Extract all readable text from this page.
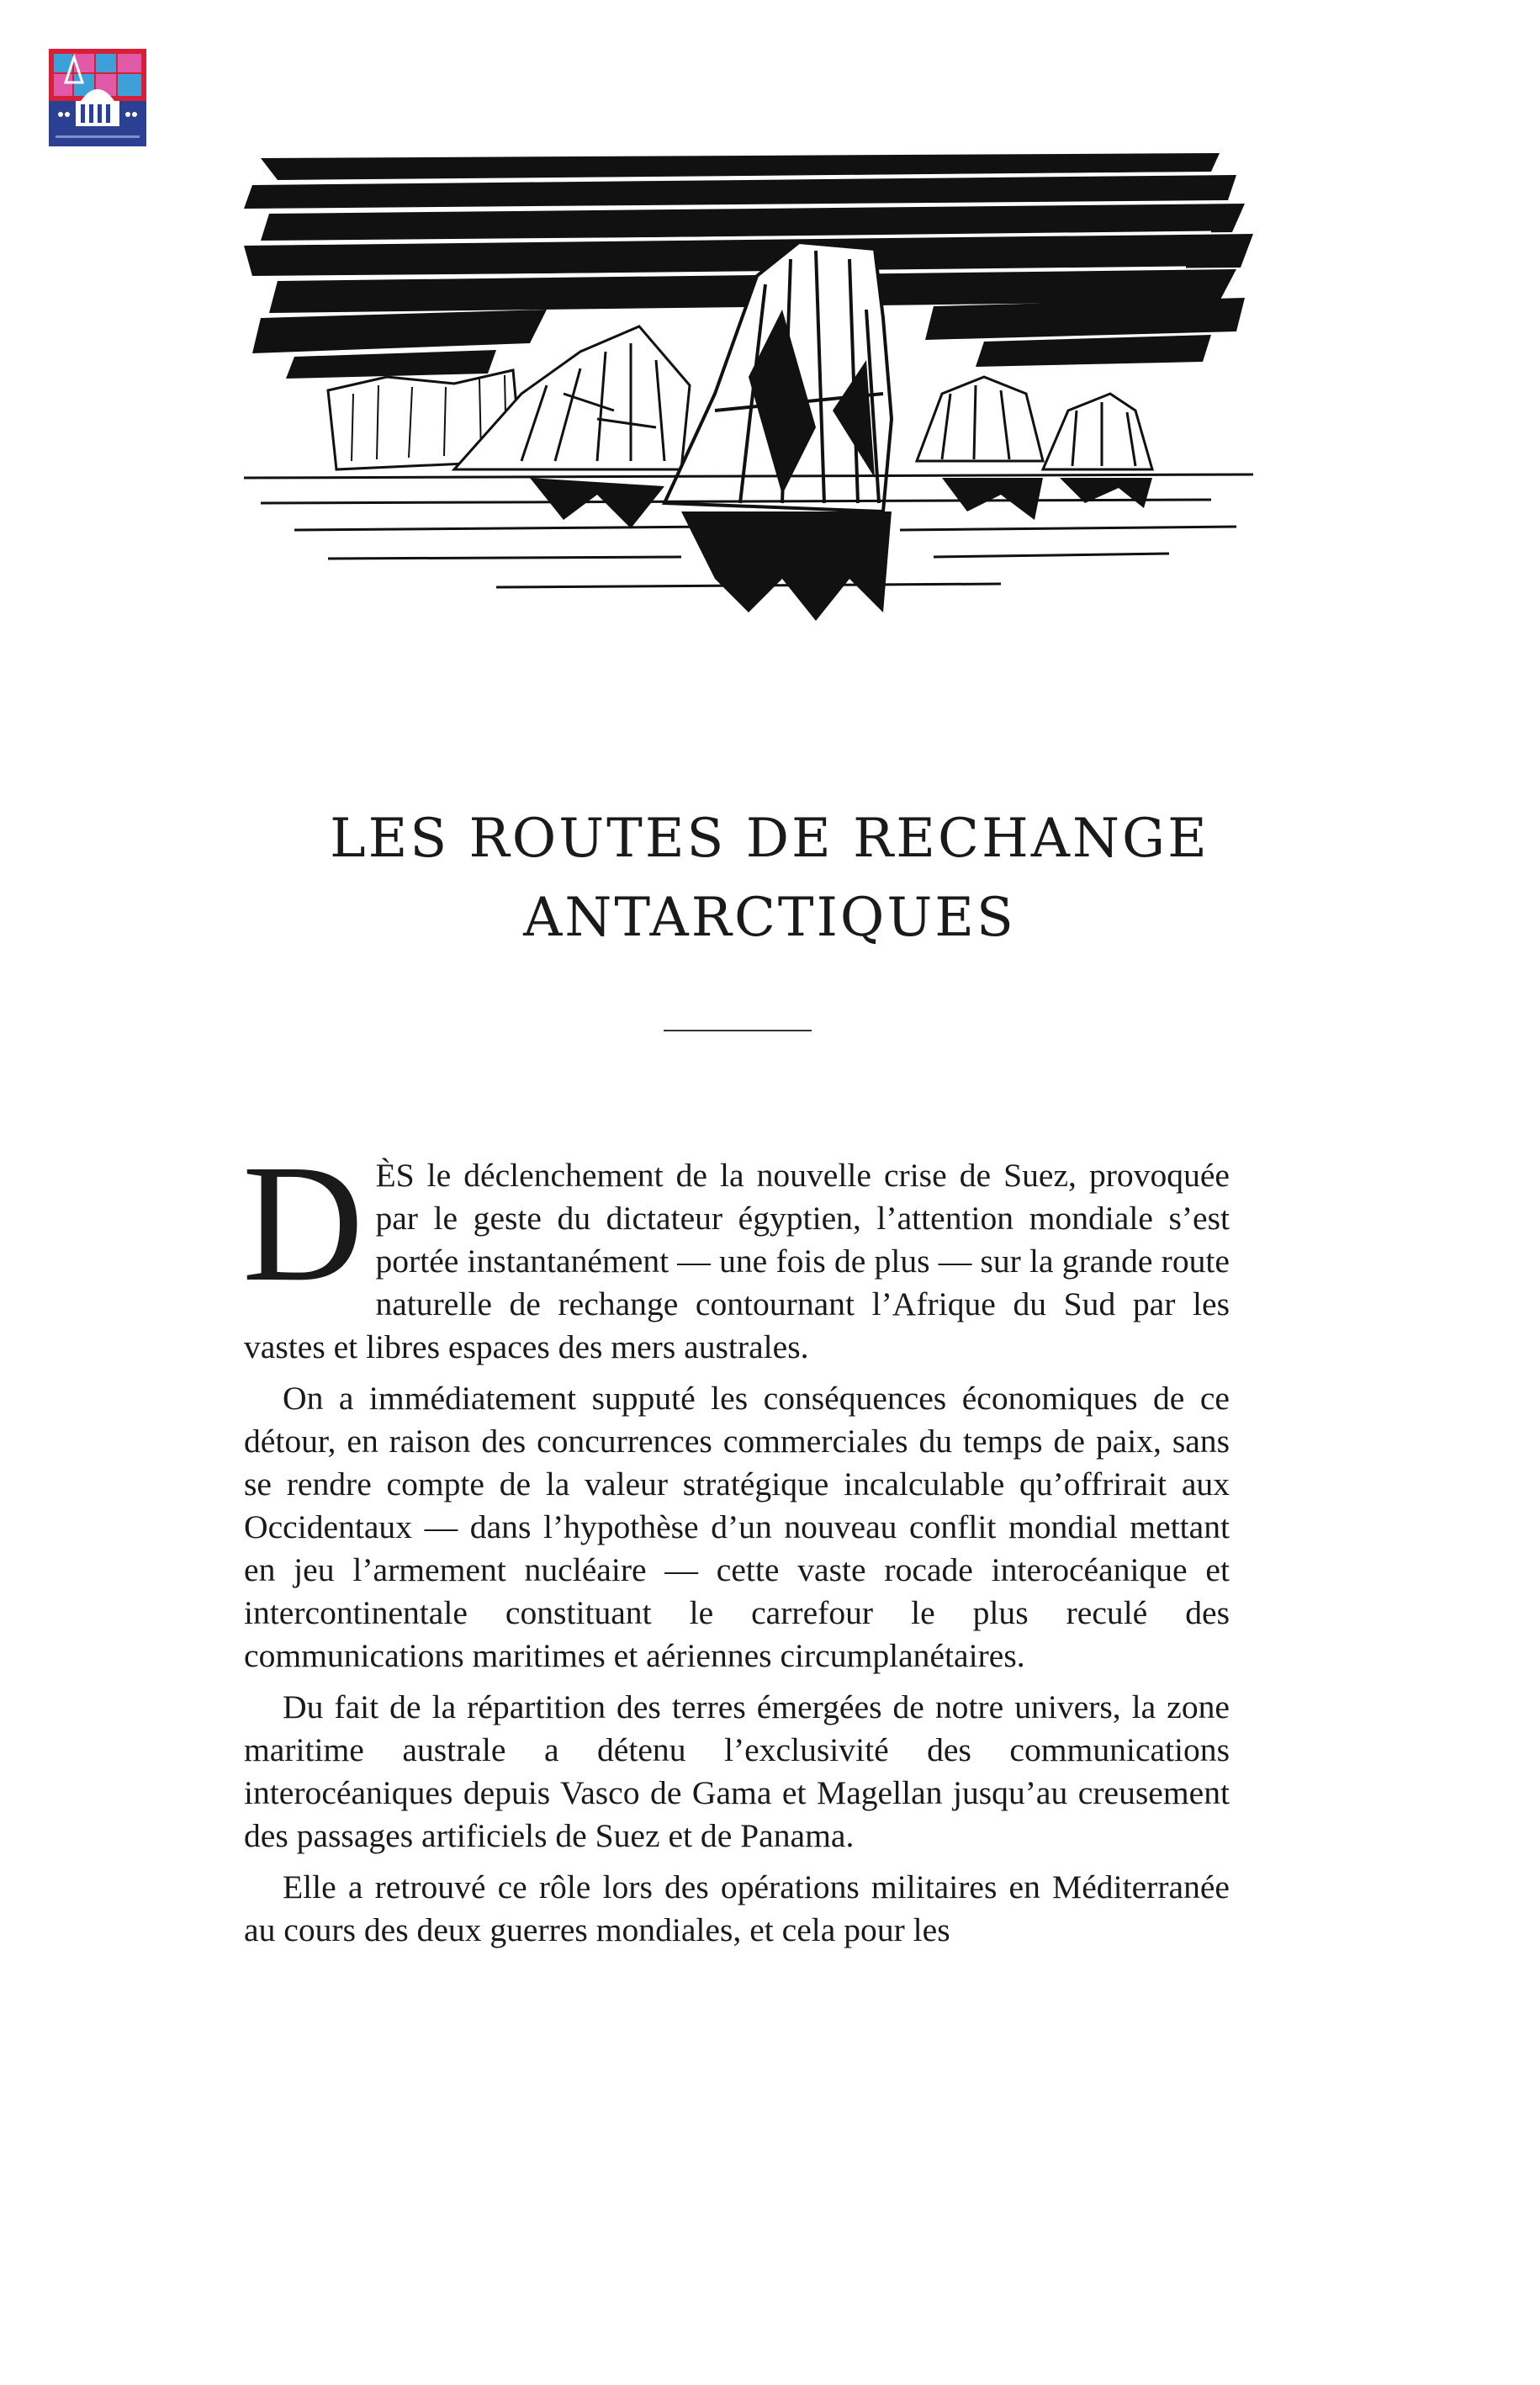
LES ROUTES DE RECHANGE
ANTARCTIQUES

DÈS le déclenchement de la nouvelle crise de Suez, provoquée par le geste du dictateur égyptien, l’attention mondiale s’est portée instantanément — une fois de plus — sur la grande route naturelle de rechange contournant l’Afrique du Sud par les vastes et libres espaces des mers australes.

On a immédiatement supputé les conséquences économiques de ce détour, en raison des concurrences commerciales du temps de paix, sans se rendre compte de la valeur stratégique incalculable qu’offrirait aux Occidentaux — dans l’hypothèse d’un nouveau conflit mondial mettant en jeu l’armement nucléaire — cette vaste rocade interocéanique et intercontinentale constituant le carrefour le plus reculé des communications maritimes et aériennes circumplanétaires.

Du fait de la répartition des terres émergées de notre univers, la zone maritime australe a détenu l’exclusivité des communications interocéaniques depuis Vasco de Gama et Magellan jusqu’au creusement des passages artificiels de Suez et de Panama.

Elle a retrouvé ce rôle lors des opérations militaires en Méditerranée au cours des deux guerres mondiales, et cela pour les
